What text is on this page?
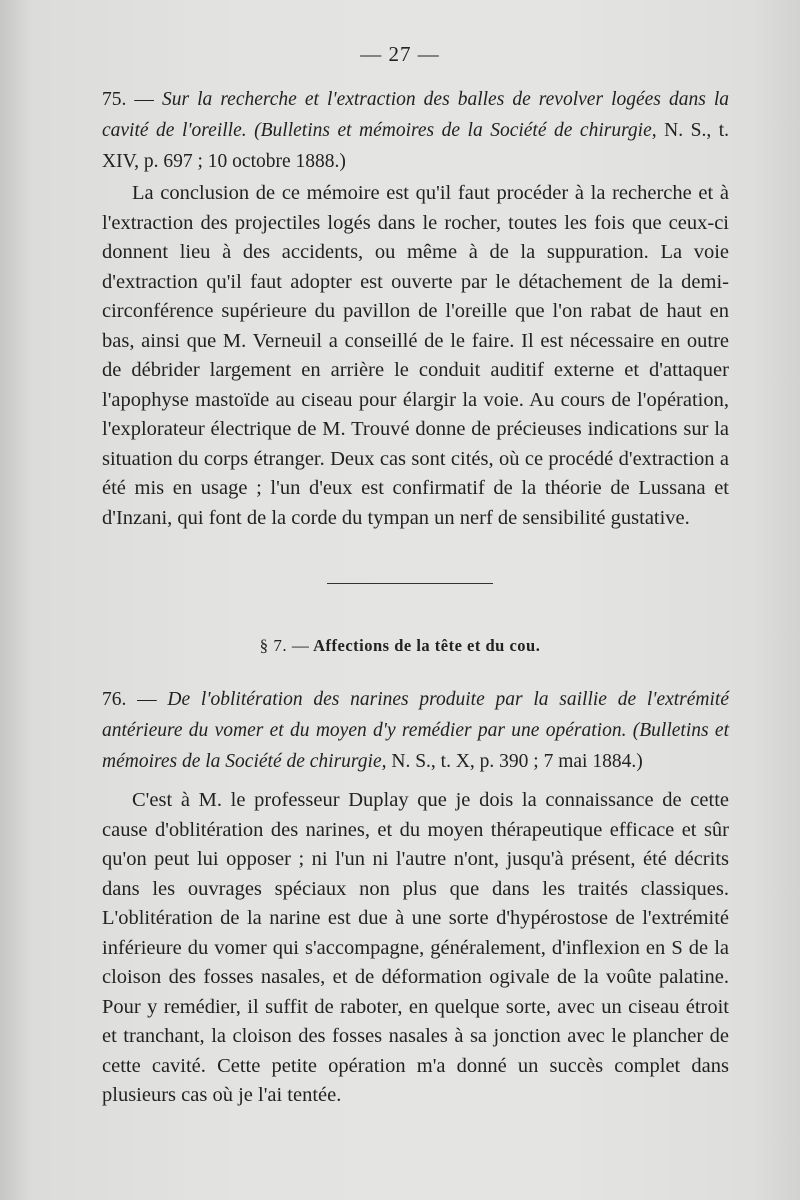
— 27 —
75. — Sur la recherche et l'extraction des balles de revolver logées dans la cavité de l'oreille. (Bulletins et mémoires de la Société de chirurgie, N. S., t. XIV, p. 697 ; 10 octobre 1888.)
La conclusion de ce mémoire est qu'il faut procéder à la recherche et à l'extraction des projectiles logés dans le rocher, toutes les fois que ceux-ci donnent lieu à des accidents, ou même à de la suppuration. La voie d'extraction qu'il faut adopter est ouverte par le détachement de la demi-circonférence supérieure du pavillon de l'oreille que l'on rabat de haut en bas, ainsi que M. Verneuil a conseillé de le faire. Il est nécessaire en outre de débrider largement en arrière le conduit auditif externe et d'attaquer l'apophyse mastoïde au ciseau pour élargir la voie. Au cours de l'opération, l'explorateur électrique de M. Trouvé donne de précieuses indications sur la situation du corps étranger. Deux cas sont cités, où ce procédé d'extraction a été mis en usage ; l'un d'eux est confirmatif de la théorie de Lussana et d'Inzani, qui font de la corde du tympan un nerf de sensibilité gustative.
§ 7. — Affections de la tête et du cou.
76. — De l'oblitération des narines produite par la saillie de l'extrémité antérieure du vomer et du moyen d'y remédier par une opération. (Bulletins et mémoires de la Société de chirurgie, N. S., t. X, p. 390 ; 7 mai 1884.)
C'est à M. le professeur Duplay que je dois la connaissance de cette cause d'oblitération des narines, et du moyen thérapeutique efficace et sûr qu'on peut lui opposer ; ni l'un ni l'autre n'ont, jusqu'à présent, été décrits dans les ouvrages spéciaux non plus que dans les traités classiques. L'oblitération de la narine est due à une sorte d'hypérostose de l'extrémité inférieure du vomer qui s'accompagne, généralement, d'inflexion en S de la cloison des fosses nasales, et de déformation ogivale de la voûte palatine. Pour y remédier, il suffit de raboter, en quelque sorte, avec un ciseau étroit et tranchant, la cloison des fosses nasales à sa jonction avec le plancher de cette cavité. Cette petite opération m'a donné un succès complet dans plusieurs cas où je l'ai tentée.
